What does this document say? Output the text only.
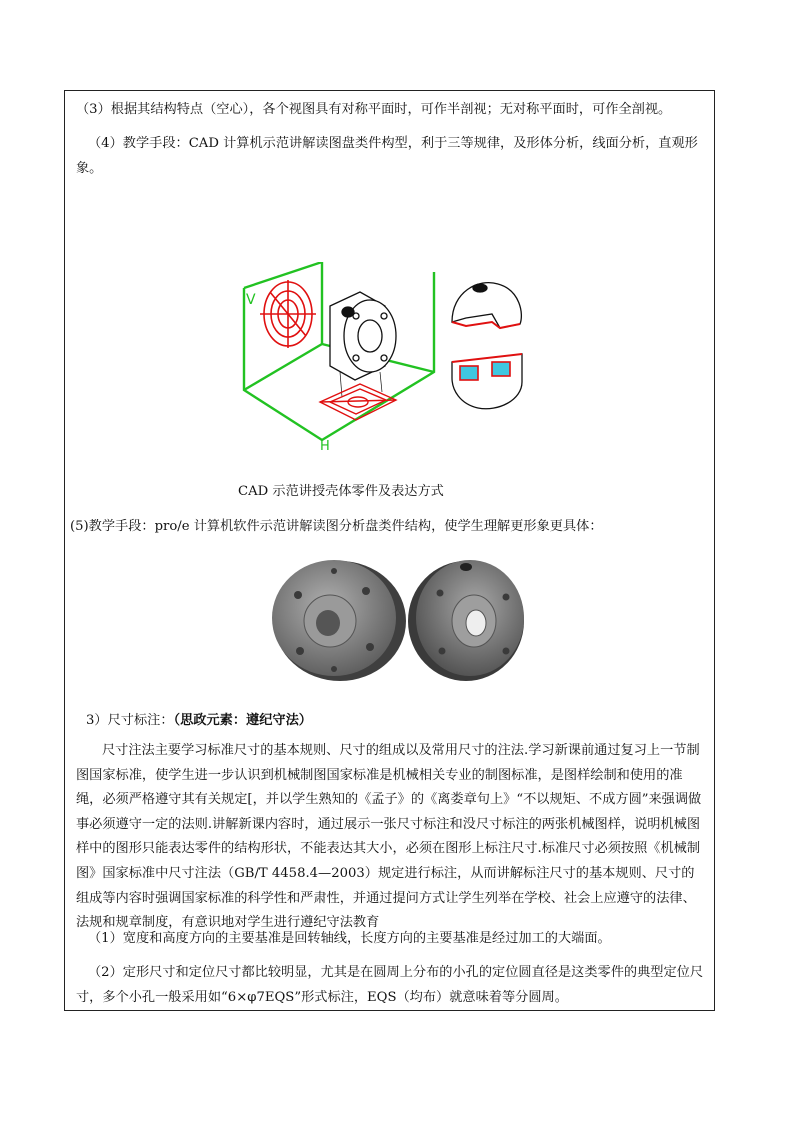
（3）根据其结构特点（空心），各个视图具有对称平面时，可作半剖视；无对称平面时，可作全剖视。

（4）教学手段：CAD 计算机示范讲解读图盘类件构型，利于三等规律，及形体分析，线面分析，直观形象。

V
H
CAD 示范讲授壳体零件及表达方式

(5)教学手段：pro/e 计算机软件示范讲解读图分析盘类件结构，使学生理解更形象更具体：

3）尺寸标注：（思政元素：遵纪守法）

尺寸注法主要学习标准尺寸的基本规则、尺寸的组成以及常用尺寸的注法.学习新课前通过复习上一节制图国家标准，使学生进一步认识到机械制图国家标准是机械相关专业的制图标准，是图样绘制和使用的准绳，必须严格遵守其有关规定[，并以学生熟知的《孟子》的《离娄章句上》“不以规矩、不成方圆”来强调做事必须遵守一定的法则.讲解新课内容时，通过展示一张尺寸标注和没尺寸标注的两张机械图样，说明机械图样中的图形只能表达零件的结构形状，不能表达其大小，必须在图形上标注尺寸.标准尺寸必须按照《机械制图》国家标准中尺寸注法（GB/T 4458.4—2003）规定进行标注，从而讲解标注尺寸的基本规则、尺寸的组成等内容时强调国家标准的科学性和严肃性，并通过提问方式让学生列举在学校、社会上应遵守的法律、法规和规章制度，有意识地对学生进行遵纪守法教育

（1）宽度和高度方向的主要基准是回转轴线，长度方向的主要基准是经过加工的大端面。

（2）定形尺寸和定位尺寸都比较明显，尤其是在圆周上分布的小孔的定位圆直径是这类零件的典型定位尺寸，多个小孔一般采用如“6×φ7EQS”形式标注，EQS（均布）就意味着等分圆周。
